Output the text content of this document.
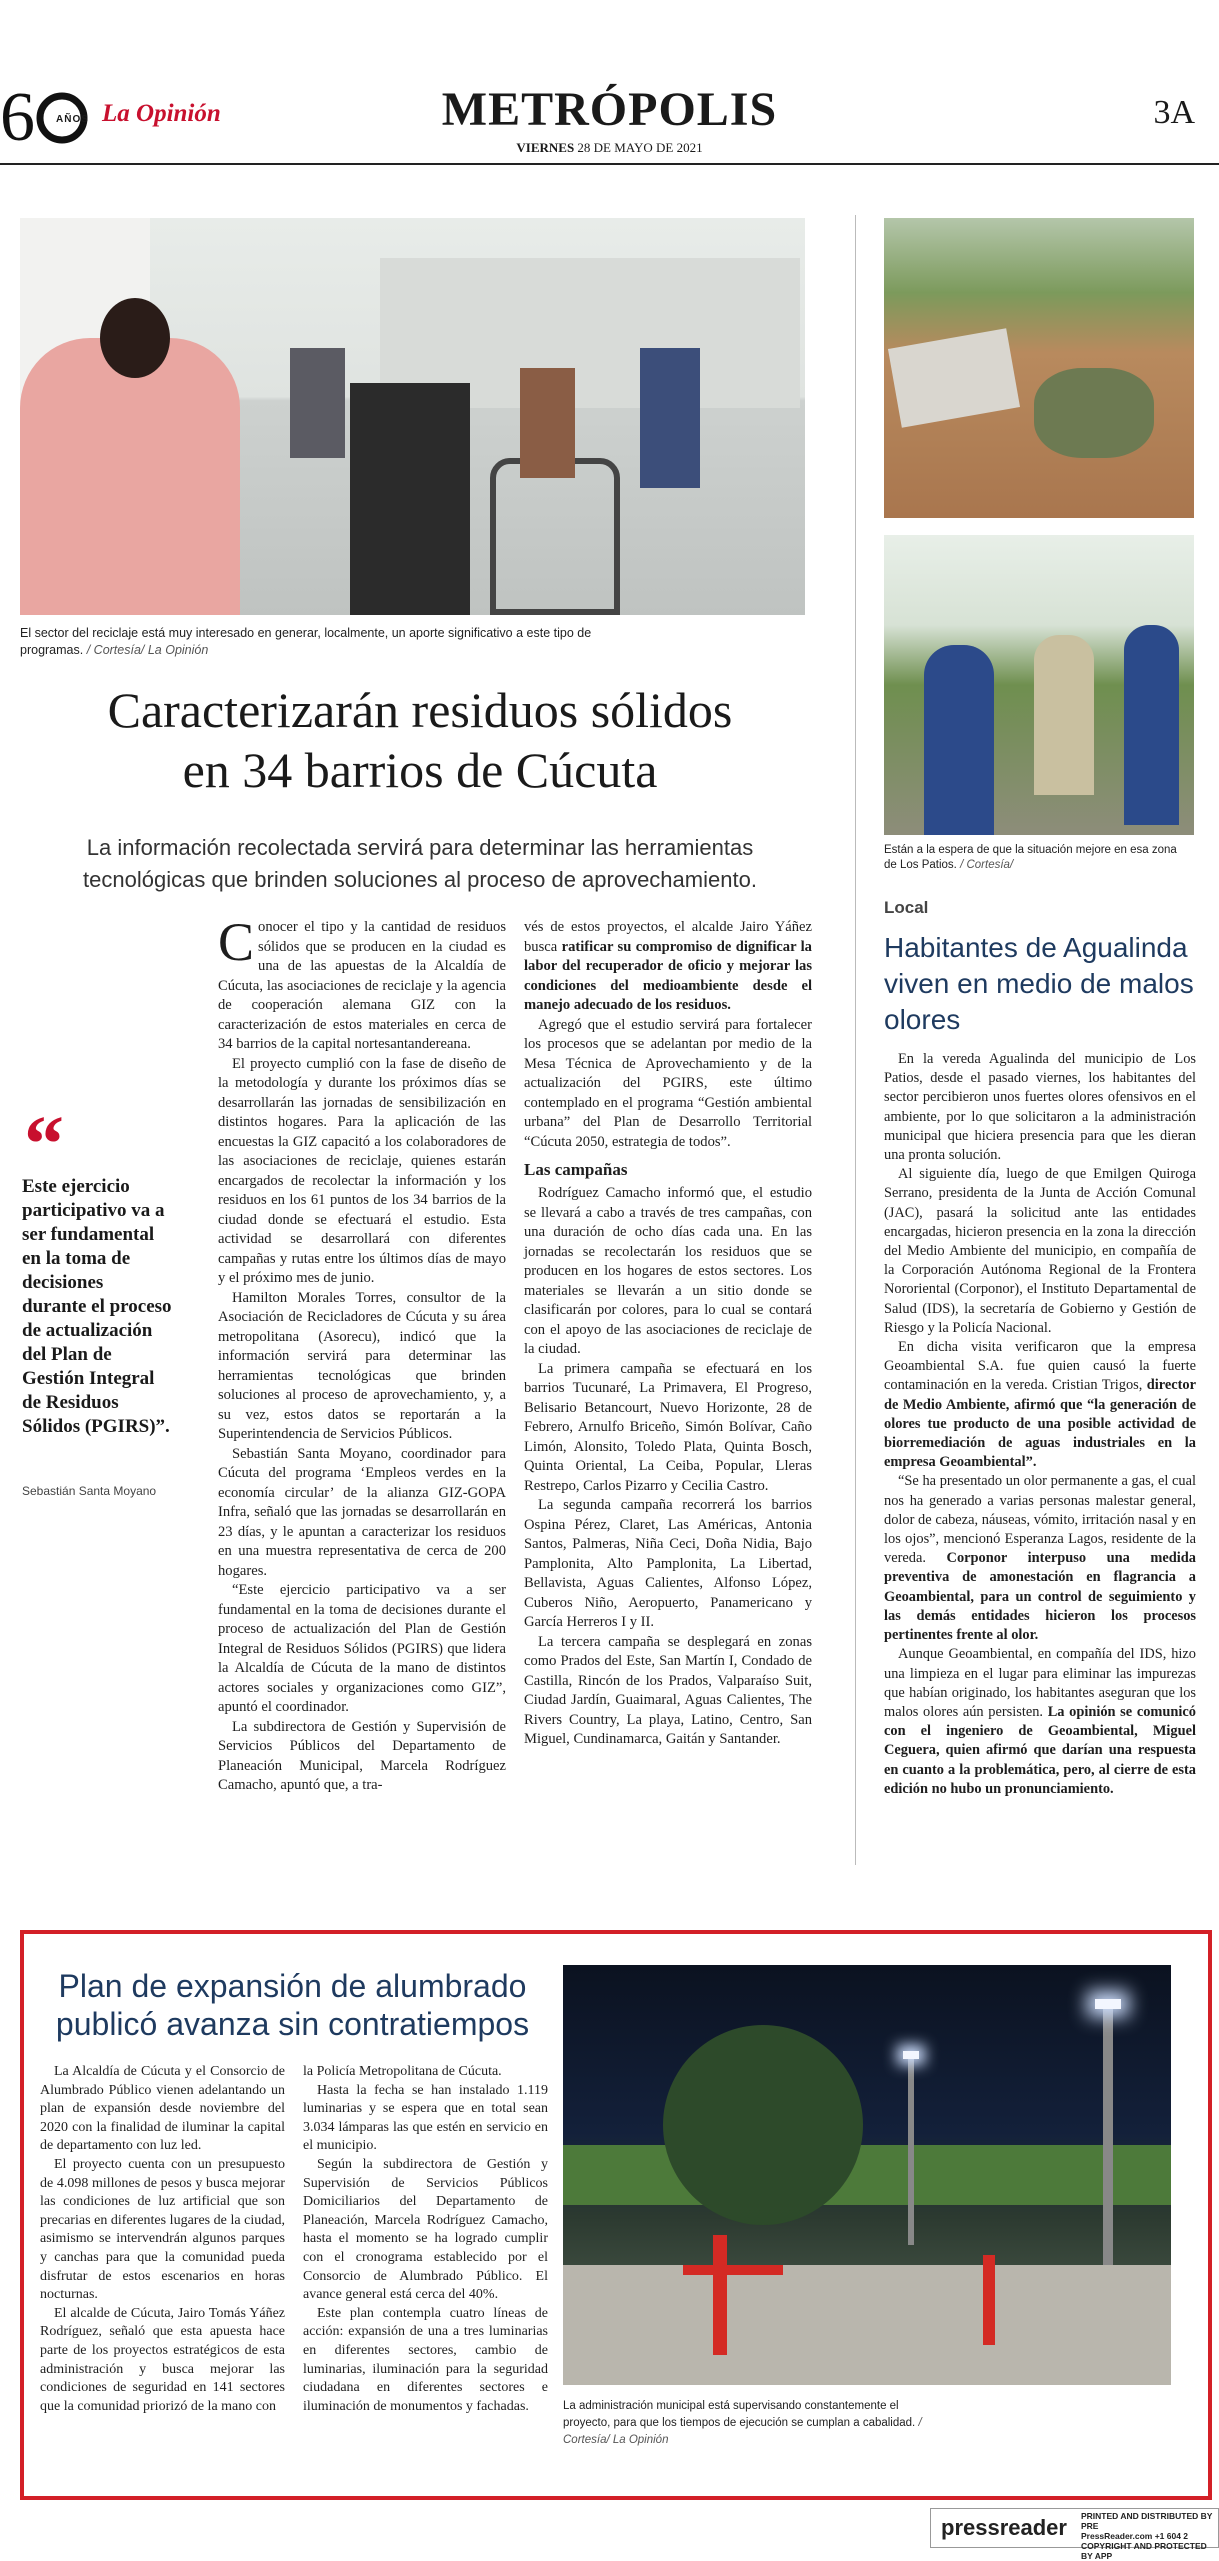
6 AÑOS La Opinión	METRÓPOLIS
VIERNES 28 DE MAYO DE 2021
3A
El sector del reciclaje está muy interesado en generar, localmente, un aporte significativo a este tipo de programas. / Cortesía/ La Opinión
Caracterizarán residuos sólidos
en 34 barrios de Cúcuta
La información recolectada servirá para determinar las herramientas
tecnológicas que brinden soluciones al proceso de aprovechamiento.
“
Este ejercicio participativo va a ser fundamental en la toma de decisiones durante el proceso de actualización del Plan de Gestión Integral de Residuos Sólidos (PGIRS)”.
Sebastián Santa Moyano

Conocer el tipo y la cantidad de residuos sólidos que se producen en la ciudad es una de las apuestas de la Alcaldía de Cúcuta, las asociaciones de reciclaje y la agencia de cooperación alemana GIZ con la caracterización de estos materiales en cerca de 34 barrios de la capital nortesantandereana.

El proyecto cumplió con la fase de diseño de la metodología y durante los próximos días se desarrollarán las jornadas de sensibilización en distintos hogares. Para la aplicación de las encuestas la GIZ capacitó a los colaboradores de las asociaciones de reciclaje, quienes estarán encargados de recolectar la información y los residuos en los 61 puntos de los 34 barrios de la ciudad donde se efectuará el estudio. Esta actividad se desarrollará con diferentes campañas y rutas entre los últimos días de mayo y el próximo mes de junio.

Hamilton Morales Torres, consultor de la Asociación de Recicladores de Cúcuta y su área metropolitana (Asorecu), indicó que la información servirá para determinar las herramientas tecnológicas que brinden soluciones al proceso de aprovechamiento, y, a su vez, estos datos se reportarán a la Superintendencia de Servicios Públicos.

Sebastián Santa Moyano, coordinador para Cúcuta del programa ‘Empleos verdes en la economía circular’ de la alianza GIZ-GOPA Infra, señaló que las jornadas se desarrollarán en 23 días, y le apuntan a caracterizar los residuos en una muestra representativa de cerca de 200 hogares.

“Este ejercicio participativo va a ser fundamental en la toma de decisiones durante el proceso de actualización del Plan de Gestión Integral de Residuos Sólidos (PGIRS) que lidera la Alcaldía de Cúcuta de la mano de distintos actores sociales y organizaciones como GIZ”, apuntó el coordinador.

La subdirectora de Gestión y Supervisión de Servicios Públicos del Departamento de Planeación Municipal, Marcela Rodríguez Camacho, apuntó que, a tra-

vés de estos proyectos, el alcalde Jairo Yáñez busca ratificar su compromiso de dignificar la labor del recuperador de oficio y mejorar las condiciones del medioambiente desde el manejo adecuado de los residuos.

Agregó que el estudio servirá para fortalecer los procesos que se adelantan por medio de la Mesa Técnica de Aprovechamiento y de la actualización del PGIRS, este último contemplado en el programa “Gestión ambiental urbana” del Plan de Desarrollo Territorial “Cúcuta 2050, estrategia de todos”.

Las campañas

Rodríguez Camacho informó que, el estudio se llevará a cabo a través de tres campañas, con una duración de ocho días cada una. En las jornadas se recolectarán los residuos que se producen en los hogares de estos sectores. Los materiales se llevarán a un sitio donde se clasificarán por colores, para lo cual se contará con el apoyo de las asociaciones de reciclaje de la ciudad.

La primera campaña se efectuará en los barrios Tucunaré, La Primavera, El Progreso, Belisario Betancourt, Nuevo Horizonte, 28 de Febrero, Arnulfo Briceño, Simón Bolívar, Caño Limón, Alonsito, Toledo Plata, Quinta Bosch, Quinta Oriental, La Ceiba, Popular, Lleras Restrepo, Carlos Pizarro y Cecilia Castro.

La segunda campaña recorrerá los barrios Ospina Pérez, Claret, Las Américas, Antonia Santos, Palmeras, Niña Ceci, Doña Nidia, Bajo Pamplonita, Alto Pamplonita, La Libertad, Bellavista, Aguas Calientes, Alfonso López, Cuberos Niño, Aeropuerto, Panamericano y García Herreros I y II.

La tercera campaña se desplegará en zonas como Prados del Este, San Martín I, Condado de Castilla, Rincón de los Prados, Valparaíso Suit, Ciudad Jardín, Guaimaral, Aguas Calientes, The Rivers Country, La playa, Latino, Centro, San Miguel, Cundinamarca, Gaitán y Santander.

Están a la espera de que la situación mejore en esa zona de Los Patios. / Cortesía/
Local
Habitantes de Agualinda viven en medio de malos olores

En la vereda Agualinda del municipio de Los Patios, desde el pasado viernes, los habitantes del sector percibieron unos fuertes olores ofensivos en el ambiente, por lo que solicitaron a la administración municipal que hiciera presencia para que les dieran una pronta solución.

Al siguiente día, luego de que Emilgen Quiroga Serrano, presidenta de la Junta de Acción Comunal (JAC), pasará la solicitud ante las entidades encargadas, hicieron presencia en la zona la dirección del Medio Ambiente del municipio, en compañía de la Corporación Autónoma Regional de la Frontera Nororiental (Corponor), el Instituto Departamental de Salud (IDS), la secretaría de Gobierno y Gestión de Riesgo y la Policía Nacional.

En dicha visita verificaron que la empresa Geoambiental S.A. fue quien causó la fuerte contaminación en la vereda. Cristian Trigos, director de Medio Ambiente, afirmó que “la generación de olores tue producto de una posible actividad de biorremediación de aguas industriales en la empresa Geoambiental”.

“Se ha presentado un olor permanente a gas, el cual nos ha generado a varias personas malestar general, dolor de cabeza, náuseas, vómito, irritación nasal y en los ojos”, mencionó Esperanza Lagos, residente de la vereda. Corponor interpuso una medida preventiva de amonestación en flagrancia a Geoambiental, para un control de seguimiento y las demás entidades hicieron los procesos pertinentes frente al olor.

Aunque Geoambiental, en compañía del IDS, hizo una limpieza en el lugar para eliminar las impurezas que habían originado, los habitantes aseguran que los malos olores aún persisten. La opinión se comunicó con el ingeniero de Geoambiental, Miguel Ceguera, quien afirmó que darían una respuesta en cuanto a la problemática, pero, al cierre de esta edición no hubo un pronunciamiento.

Plan de expansión de alumbrado publicó avanza sin contratiempos

La Alcaldía de Cúcuta y el Consorcio de Alumbrado Público vienen adelantando un plan de expansión desde noviembre del 2020 con la finalidad de iluminar la capital de departamento con luz led.

El proyecto cuenta con un presupuesto de 4.098 millones de pesos y busca mejorar las condiciones de luz artificial que son precarias en diferentes lugares de la ciudad, asimismo se intervendrán algunos parques y canchas para que la comunidad pueda disfrutar de estos escenarios en horas nocturnas.

El alcalde de Cúcuta, Jairo Tomás Yáñez Rodríguez, señaló que esta apuesta hace parte de los proyectos estratégicos de esta administración y busca mejorar las condiciones de seguridad en 141 sectores que la comunidad priorizó de la mano con

la Policía Metropolitana de Cúcuta.

Hasta la fecha se han instalado 1.119 luminarias y se espera que en total sean 3.034 lámparas las que estén en servicio en el municipio.

Según la subdirectora de Gestión y Supervisión de Servicios Públicos Domiciliarios del Departamento de Planeación, Marcela Rodríguez Camacho, hasta el momento se ha logrado cumplir con el cronograma establecido por el Consorcio de Alumbrado Público. El avance general está cerca del 40%.

Este plan contempla cuatro líneas de acción: expansión de una a tres luminarias en diferentes sectores, cambio de luminarias, iluminación para la seguridad ciudadana en diferentes sectores e iluminación de monumentos y fachadas.	La administración municipal está supervisando constantemente el proyecto, para que los tiempos de ejecución se cumplan a cabalidad. / Cortesía/ La Opinión
pressreader PRINTED AND DISTRIBUTED BY PRE
PressReader.com +1 604 2
COPYRIGHT AND PROTECTED BY APP
